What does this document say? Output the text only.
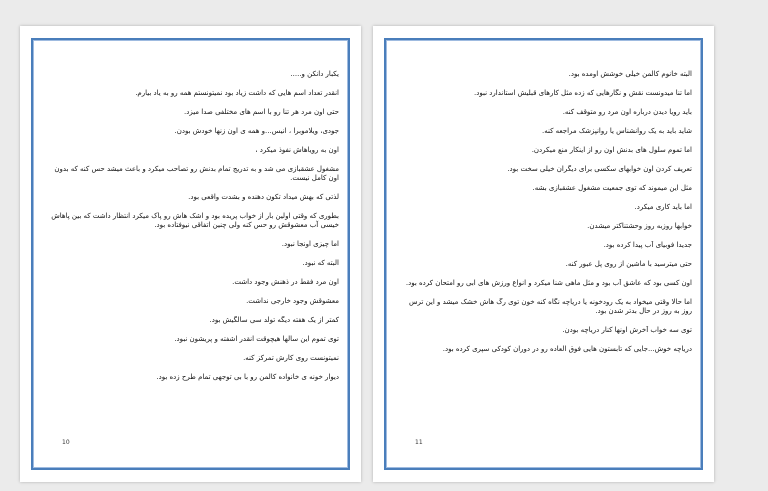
یکبار دانکن و.....
انقدر تعداد اسم هایی که داشت زیاد بود نمیتونستم همه رو به یاد بیارم.
حتی اون مرد هر تنا رو با اسم های مختلفی صدا میزد.
جودی، ویلاموبرا ، انیس...و همه ی اون زنها خودش بودن.
اون به رویاهاش نفوذ میکرد ،
مشغول عشقبازی می شد و به تدریج تمام بدنش رو تصاحب میکرد و باعث میشد حس کنه که بدون اون کامل نیست.
لذتی که بهش میداد تکون دهنده و بشدت واقعی بود.
بطوری که وقتی اولین بار از خواب پریده بود و اشک هاش رو پاک میکرد انتظار داشت که بین پاهاش خیسی آب معشوقش رو حس کنه ولی چنین اتفاقی نیوفتاده بود.
اما چیزی اونجا نبود.
البته که نبود.
اون مرد فقط در ذهنش وجود داشت.
معشوقش وجود خارجی نداشت.
کمتر از یک هفته دیگه تولد سی سالگیش بود.
توی تموم این سالها هیچوقت انقدر اشفته و پریشون نبود.
نمیتونست روی کارش تمرکز کنه.
دیوار خونه ی خانواده کالمن رو با بی توجهی تمام طرح زده بود.
10
البته خانوم کالمن خیلی خوشش اومده بود.
اما تنا میدونست نقش و نگارهایی که زده مثل کارهای قبلیش استاندارد نبود.
باید رویا دیدن درباره اون مرد رو متوقف کنه.
شاید باید به یک روانشناس یا روانپزشک مراجعه کنه.
اما تموم سلول های بدنش اون رو از اینکار منع میکردن.
تعریف کردن اون خوابهای سکسی برای دیگران خیلی سخت بود.
مثل این میموند که توی جمعیت مشغول عشقبازی بشه.
اما باید کاری میکرد.
خوابها روزبه روز وحشتناکتر میشدن.
جدیدا فوبیای آب پیدا کرده بود.
حتی میترسید با ماشین از روی پل عبور کنه.
اون کسی بود که عاشق آب بود و مثل ماهی شنا میکرد و انواع ورزش های ابی رو امتحان کرده بود.
اما حالا وقتی میخواد به یک رودخونه یا دریاچه نگاه کنه خون توی رگ هاش خشک میشد و این ترس روز به روز در حال بدتر شدن بود.
توی سه خواب آخرش اونها کنار دریاچه بودن.
دریاچه خوش...جایی که تابستون هایی فوق العاده رو در دوران کودکی سپری کرده بود.
11
